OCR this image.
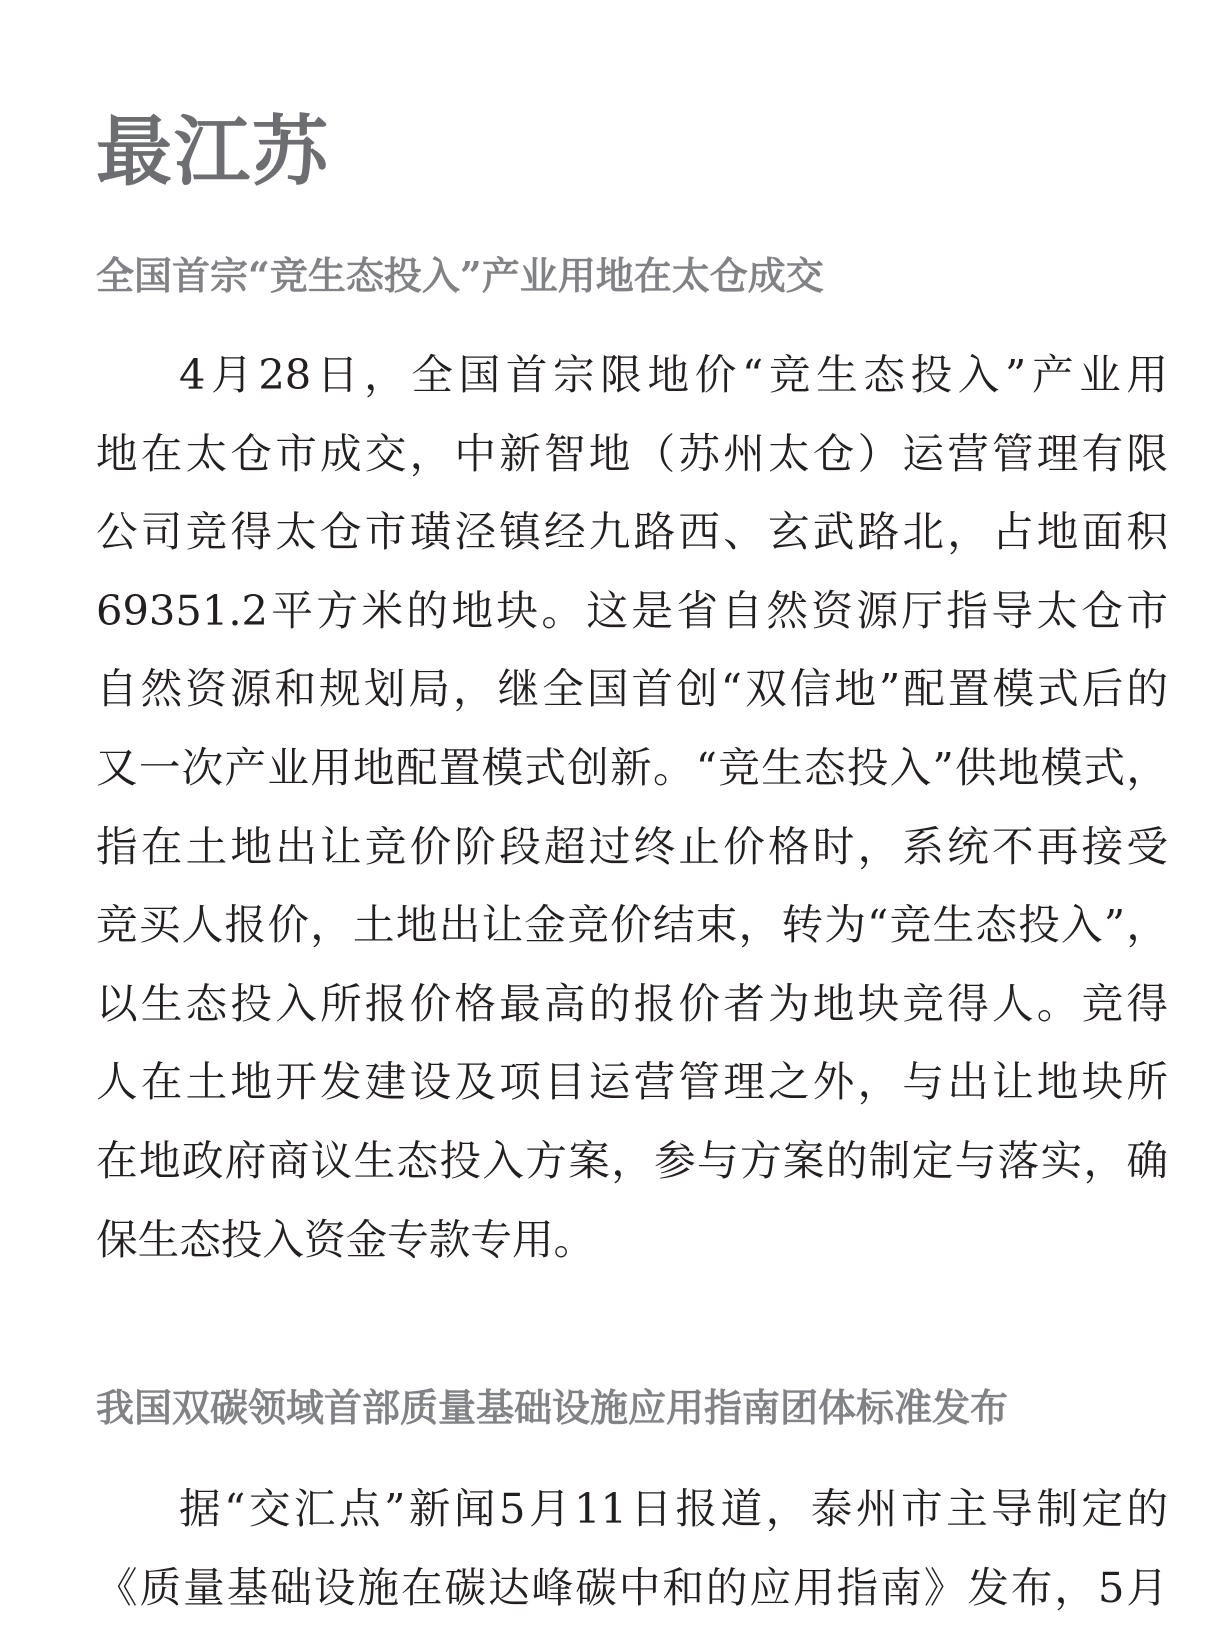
最江苏
全国首宗“竞生态投入”产业用地在太仓成交
4月28日，全国首宗限地价“竞生态投入”产业用
地在太仓市成交，中新智地（苏州太仓）运营管理有限
公司竞得太仓市璜泾镇经九路西、玄武路北，占地面积
69351.2平方米的地块。这是省自然资源厅指导太仓市
自然资源和规划局，继全国首创“双信地”配置模式后的
又一次产业用地配置模式创新。“竞生态投入”供地模式，
指在土地出让竞价阶段超过终止价格时，系统不再接受
竞买人报价，土地出让金竞价结束，转为“竞生态投入”，
以生态投入所报价格最高的报价者为地块竞得人。竞得
人在土地开发建设及项目运营管理之外，与出让地块所
在地政府商议生态投入方案，参与方案的制定与落实，确
保生态投入资金专款专用。
我国双碳领域首部质量基础设施应用指南团体标准发布
据“交汇点”新闻5月11日报道，泰州市主导制定的
《质量基础设施在碳达峰碳中和的应用指南》发布，5月
